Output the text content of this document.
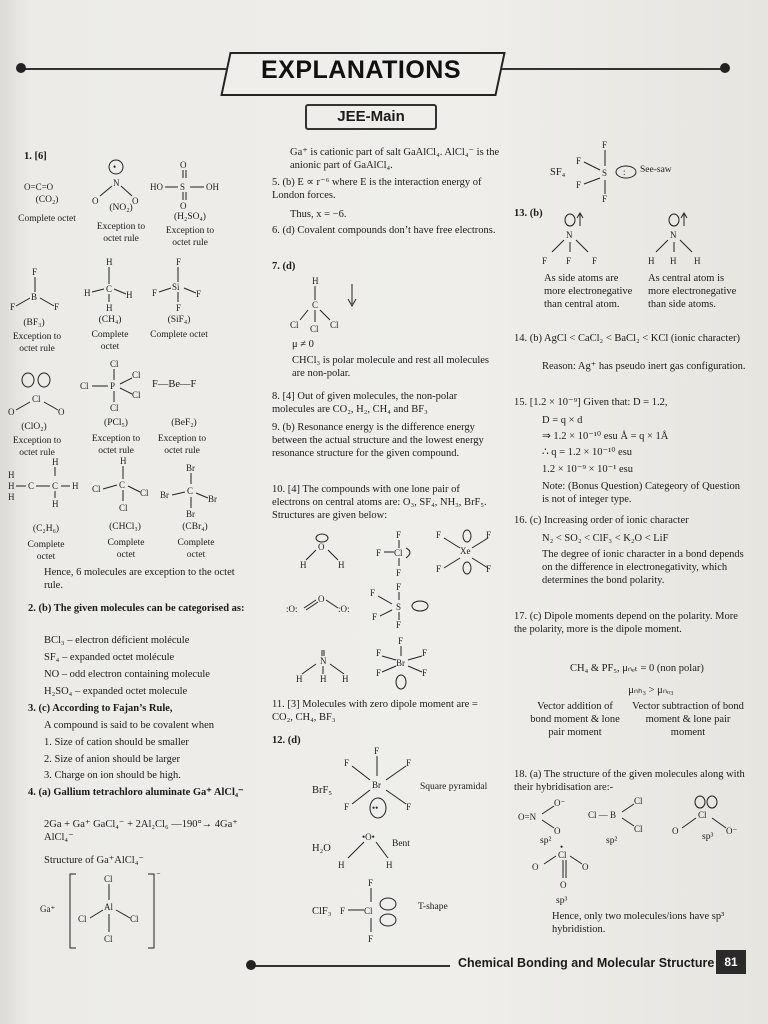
EXPLANATIONS
JEE-Main
1. [6]
O=C=O
•
N
O	O
O
HO S OH
O
(CO₂)
Complete octet
(NO₂)
Exception to octet rule
(H₂SO₄)
Exception to octet rule
F
B
F	F
H
C
H	H
H
F
Si
F	F
F
(BF₃)
Exception to octet rule
(CH₄)
Complete octet
(SiF₄)
Complete octet
Cl
O	O
Cl
Cl P
Cl
Cl
Cl
F—Be—F
(ClO₂)
Exception to octet rule
(PCl₅)
Exception to octet rule
(BeF₂)
Exception to octet rule
H
H
H
H
C C H
H
H
Cl C
Cl
Cl
Br
Br C
Br
Br
(C₂H₆)
Complete octet
(CHCl₃)
Complete octet
(CBr₄)
Complete octet
Hence, 6 molecules are exception to the octet rule.
2. (b) The given molecules can be categorised as:
BCl₃ – electron déficient molécule
SF₄ – expanded octet molécule
NO – odd electron containing molecule
H₂SO₄ – expanded octet molecule
3. (c) According to Fajan’s Rule,
A compound is said to be covalent when
1. Size of cation should be smaller
2. Size of anion should be larger
3. Charge on ion should be high.
4. (a) Gallium tetrachloro aluminate Ga⁺ AlCl₄⁻
2Ga + Ga⁺ GaCl₄⁻ + 2Al₂Cl₆ —190°→ 4Ga⁺ AlCl₄⁻
Structure of Ga⁺AlCl₄⁻
Ga⁺
⁻
Cl
Cl
Al
Cl
Cl
Ga⁺ is cationic part of salt GaAlCl₄. AlCl₄⁻ is the anionic part of GaAlCl₄.
5. (b) E ∝ r⁻⁶ where E is the interaction energy of London forces.
Thus, x = −6.
6. (d) Covalent compounds don’t have free electrons.
7. (d)
H
C
Cl Cl Cl
μ ≠ 0
CHCl₃ is polar molecule and rest all molecules are non-polar.
8. [4] Out of given molecules, the non-polar molecules are CO₂, H₂, CH₄ and BF₃
9. (b) Resonance energy is the difference energy between the actual structure and the lowest energy resonance structure for the given compound.
10. [4] The compounds with one lone pair of electrons on central atoms are: O₃, SF₄, NH₃, BrF₅. Structures are given below:
O
H	H
F
F Cl
F
F	F
Xe
F	F
:O:
O
:O:
F
F
S
F
F
N
H H H
F
F
Br
F
F	F
11. [3] Molecules with zero dipole moment are = CO₂, CH₄, BF₃
12. (d)
F
F	F
Br
F	F
••
BrF₅	Square pyramidal
•O•
H	H
H₂O	Bent
F
F Cl
F
ClF₃	T-shape
F
F
S :
F
F
SF₄	See-saw
13. (b)
N
F F F
N
H H H
As side atoms are more electronegative than central atom.
As central atom is more electronegative than side atoms.
14. (b) AgCl < CaCl₂ < BaCl₂ < KCl (ionic character)
Reason: Ag⁺ has pseudo inert gas configuration.
15. [1.2 × 10⁻⁹] Given that: D = 1.2,
D = q × d
⇒ 1.2 × 10⁻¹⁰ esu Å = q × 1Å
∴ q = 1.2 × 10⁻¹⁰ esu
1.2 × 10⁻⁹ × 10⁻¹ esu
Note: (Bonus Question) Categeory of Question is not of integer type.
16. (c) Increasing order of ionic character
N₂ < SO₂ < ClF₃ < K₂O < LiF
The degree of ionic character in a bond depends on the difference in electronegativity, which determines the bond polarity.
17. (c) Dipole moments depend on the polarity. More the polarity, more is the dipole moment.
CH₄ & PF₅, μₙₑₜ = 0 (non polar)
μₙₕ₃ > μₙₒ₃
Vector addition of bond moment & lone pair moment
Vector subtraction of bond moment & lone pair moment
18. (a) The structure of the given molecules along with their hybridisation are:-
O=N
O⁻
O
Cl — B
Cl
Cl
Cl
O	O⁻
sp²	sp²	sp³
Cl
•
O	O
O
sp³
Hence, only two molecules/ions have sp³ hybridistion.
Chemical Bonding and Molecular Structure 81
